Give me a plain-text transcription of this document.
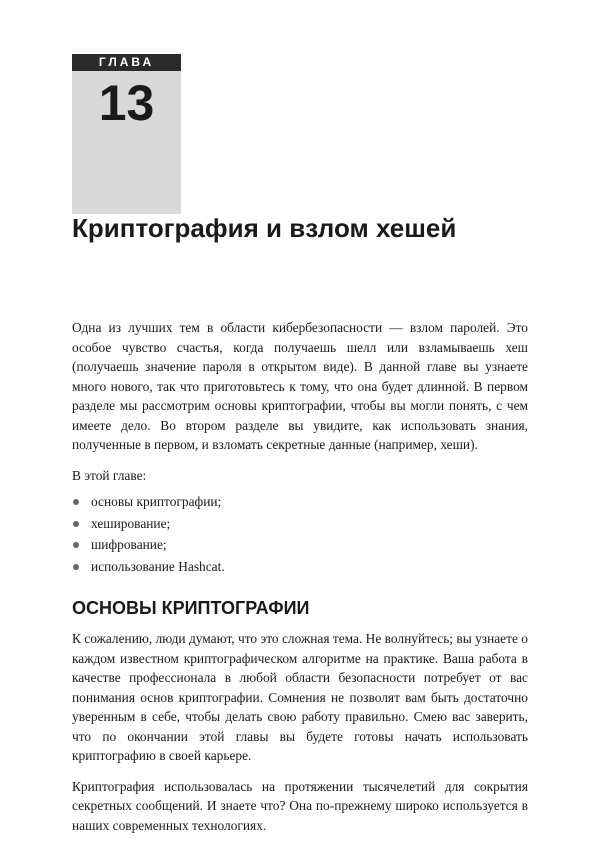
ГЛАВА
13
Криптография и взлом хешей

Одна из лучших тем в области кибербезопасности — взлом паролей. Это особое чувство счастья, когда получаешь шелл или взламываешь хеш (получаешь значение пароля в открытом виде). В данной главе вы узнаете много нового, так что приготовьтесь к тому, что она будет длинной. В первом разделе мы рассмотрим основы криптографии, чтобы вы могли понять, с чем имеете дело. Во втором разделе вы увидите, как использовать знания, полученные в первом, и взломать секретные данные (например, хеши).

В этой главе:

основы криптографии;
хеширование;
шифрование;
использование Hashcat.
ОСНОВЫ КРИПТОГРАФИИ

К сожалению, люди думают, что это сложная тема. Не волнуйтесь; вы узнаете о каждом известном криптографическом алгоритме на практике. Ваша работа в качестве профессионала в любой области безопасности потребует от вас понимания основ криптографии. Сомнения не позволят вам быть достаточно уверенным в себе, чтобы делать свою работу правильно. Смею вас заверить, что по окончании этой главы вы будете готовы начать использовать криптографию в своей карьере.

Криптография использовалась на протяжении тысячелетий для сокрытия секретных сообщений. И знаете что? Она по-прежнему широко используется в наших современных технологиях.
